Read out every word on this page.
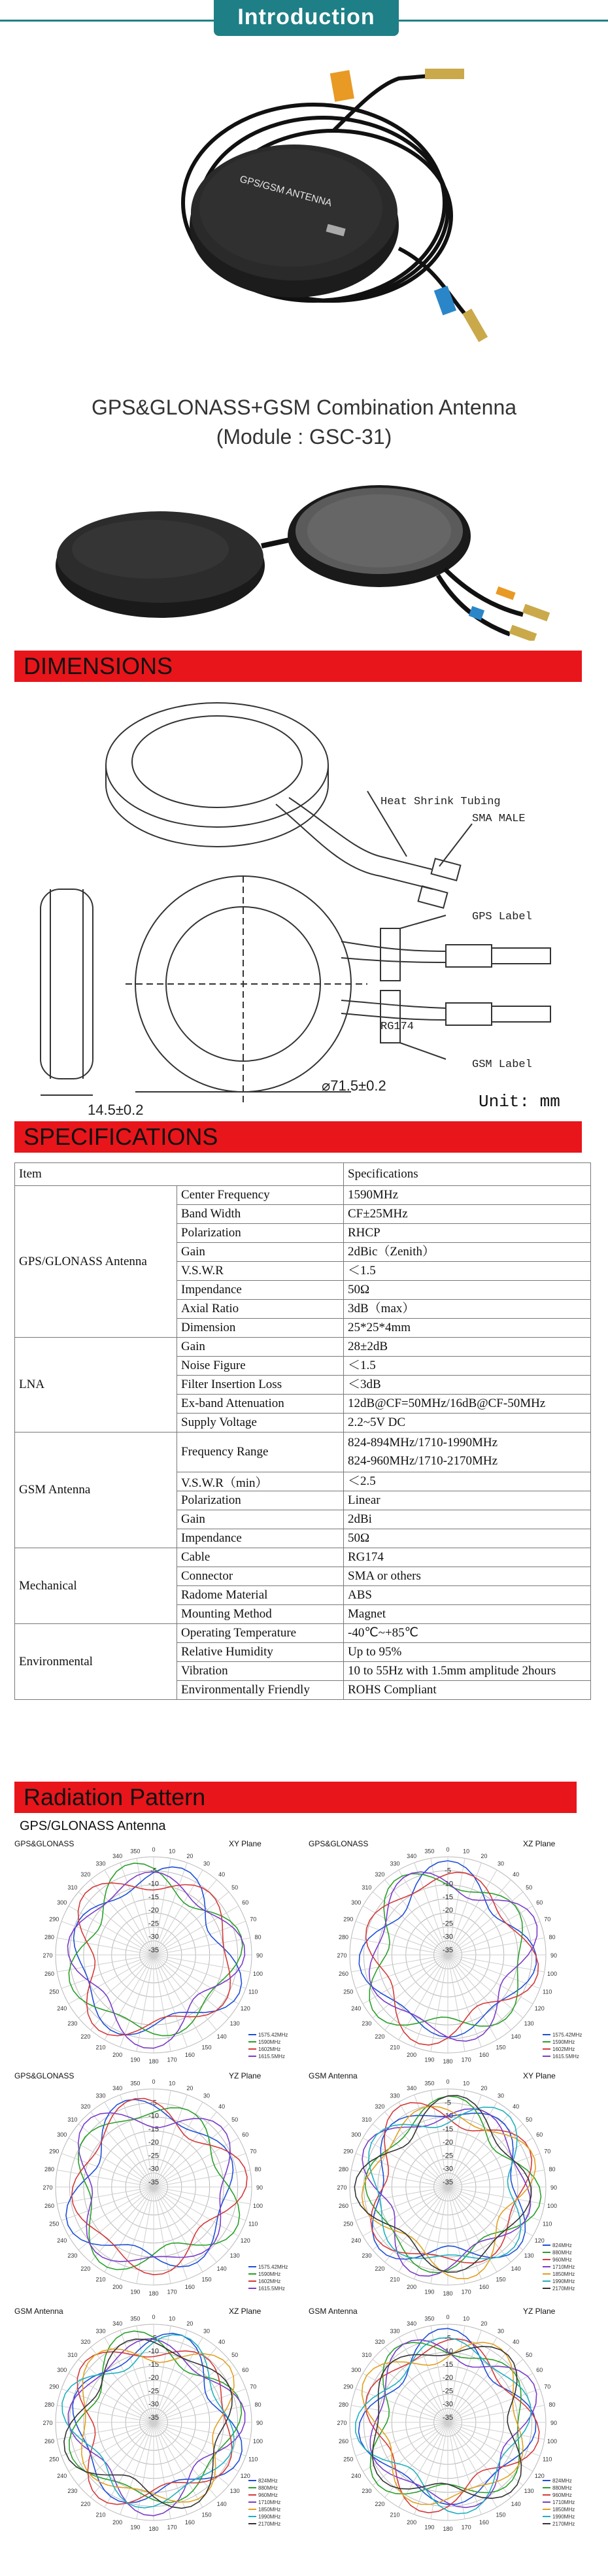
Introduction
GPS/GSM ANTENNA
GPS&GLONASS+GSM Combination Antenna
(Module : GSC-31)
DIMENSIONS
Heat Shrink Tubing
SMA MALE
GPS Label
GSM Label
RG174
14.5±0.2
⌀71.5±0.2
Unit: mm
SPECIFICATIONS
Item		Specifications
GPS/GLONASS Antenna	Center Frequency	1590MHz

	Band Width	CF±25MHz

	Polarization	RHCP

	Gain	2dBic（Zenith）

	V.S.W.R	＜1.5

	Impendance	50Ω

	Axial Ratio	3dB（max）

	Dimension	25*25*4mm

LNA	Gain	28±2dB

	Noise Figure	＜1.5

	Filter Insertion Loss	＜3dB

	Ex-band Attenuation	12dB@CF=50MHz/16dB@CF-50MHz

	Supply Voltage	2.2~5V DC

GSM Antenna	Frequency Range	824-894MHz/1710-1990MHz
824-960MHz/1710-2170MHz

	V.S.W.R（min）	＜2.5

	Polarization	Linear

	Gain	2dBi

	Impendance	50Ω

Mechanical	Cable	RG174

	Connector	SMA or others

	Radome Material	ABS

	Mounting Method	Magnet

Environmental	Operating Temperature	-40℃~+85℃

	Relative Humidity	Up to 95%

	Vibration	10 to 55Hz with 1.5mm amplitude 2hours

	Environmentally Friendly	ROHS Compliant
Radiation Pattern
GPS/GLONASS Antenna
0 10
20
30
40
50
60
70
80
90
100
110
120
130
140
150
160
170
180
190
200
210
220
230
240
250
260
270
280
290
300
310
320
330
340
350
-5
-10
-15
-20
-25
-30
-35
GPS&GLONASS	XY Plane
1575.42MHz
1590MHz
1602MHz
1615.5MHz
0 10
20
30
40
50
60
70
80
90
100
110
120
130
140
150
160
170
180
190
200
210
220
230
240
250
260
270
280
290
300
310
320
330
340
350
-5
-10
-15
-20
-25
-30
-35
GPS&GLONASS	XZ Plane
1575.42MHz
1590MHz
1602MHz
1615.5MHz
0 10
20
30
40
50
60
70
80
90
100
110
120
130
140
150
160
170
180
190
200
210
220
230
240
250
260
270
280
290
300
310
320
330
340
350
-5
-10
-15
-20
-25
-30
-35
GPS&GLONASS	YZ Plane
1575.42MHz
1590MHz
1602MHz
1615.5MHz
0 10
20
30
40
50
60
70
80
90
100
110
120
130
140
150
160
170
180
190
200
210
220
230
240
250
260
270
280
290
300
310
320
330
340
350
-5
-10
-15
-20
-25
-30
-35
GSM Antenna	XY Plane
824MHz
880MHz
960MHz
1710MHz
1850MHz
1990MHz
2170MHz
0 10
20
30
40
50
60
70
80
90
100
110
120
130
140
150
160
170
180
190
200
210
220
230
240
250
260
270
280
290
300
310
320
330
340
350
-5
-10
-15
-20
-25
-30
-35
GSM Antenna	XZ Plane
824MHz
880MHz
960MHz
1710MHz
1850MHz
1990MHz
2170MHz
0 10
20
30
40
50
60
70
80
90
100
110
120
130
140
150
160
170
180
190
200
210
220
230
240
250
260
270
280
290
300
310
320
330
340
350
-5
-10
-15
-20
-25
-30
-35
GSM Antenna	YZ Plane
824MHz
880MHz
960MHz
1710MHz
1850MHz
1990MHz
2170MHz
